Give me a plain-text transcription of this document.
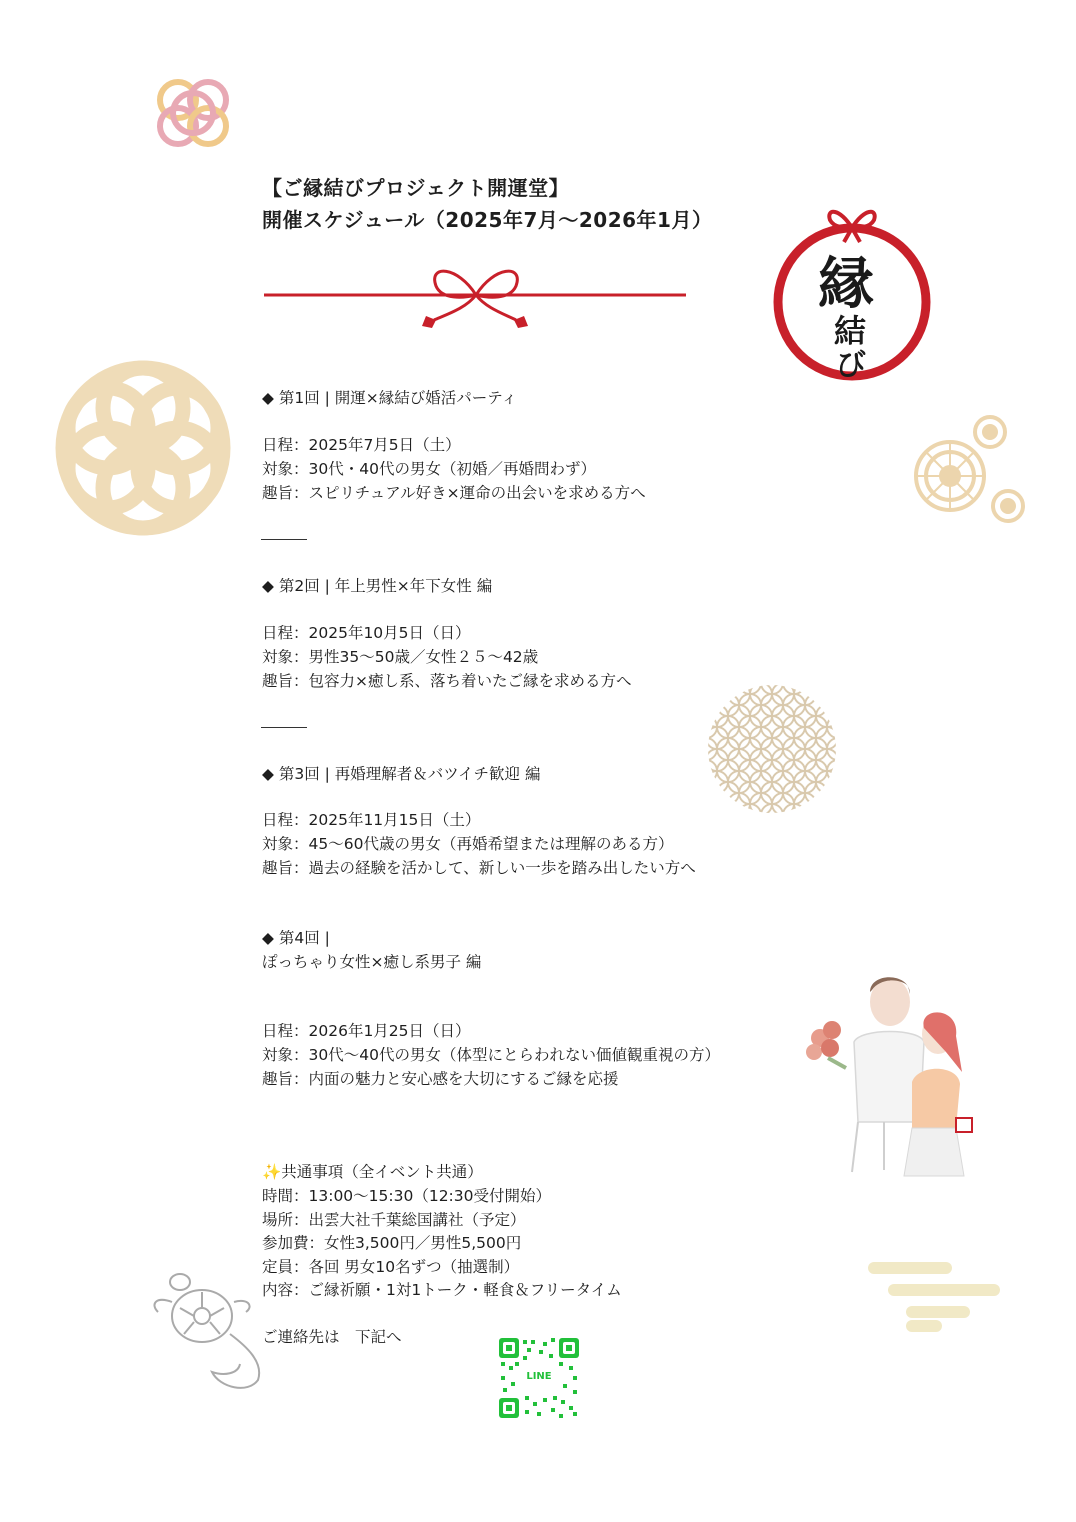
【ご縁結びプロジェクト開運堂】
開催スケジュール（2025年7月〜2026年1月）
縁
結
び
◆ 第1回 | 開運×縁結び婚活パーティ
日程：2025年7月5日（土）
対象：30代・40代の男女（初婚／再婚問わず）
趣旨：スピリチュアル好き×運命の出会いを求める方へ
◆ 第2回 | 年上男性×年下女性 編
日程：2025年10月5日（日）
対象：男性35〜50歳／女性２５〜42歳
趣旨：包容力×癒し系、落ち着いたご縁を求める方へ
◆ 第3回 | 再婚理解者＆バツイチ歓迎 編
日程：2025年11月15日（土）
対象：45〜60代歳の男女（再婚希望または理解のある方）
趣旨：過去の経験を活かして、新しい一歩を踏み出したい方へ
◆ 第4回 |
ぽっちゃり女性×癒し系男子 編
日程：2026年1月25日（日）
対象：30代〜40代の男女（体型にとらわれない価値観重視の方）
趣旨：内面の魅力と安心感を大切にするご縁を応援
✨共通事項（全イベント共通）
時間：13:00〜15:30（12:30受付開始）
場所：出雲大社千葉総国講社（予定）
参加費：女性3,500円／男性5,500円
定員：各回 男女10名ずつ（抽選制）
内容：ご縁祈願・1対1トーク・軽食＆フリータイム
ご連絡先は　下記へ
LINE
